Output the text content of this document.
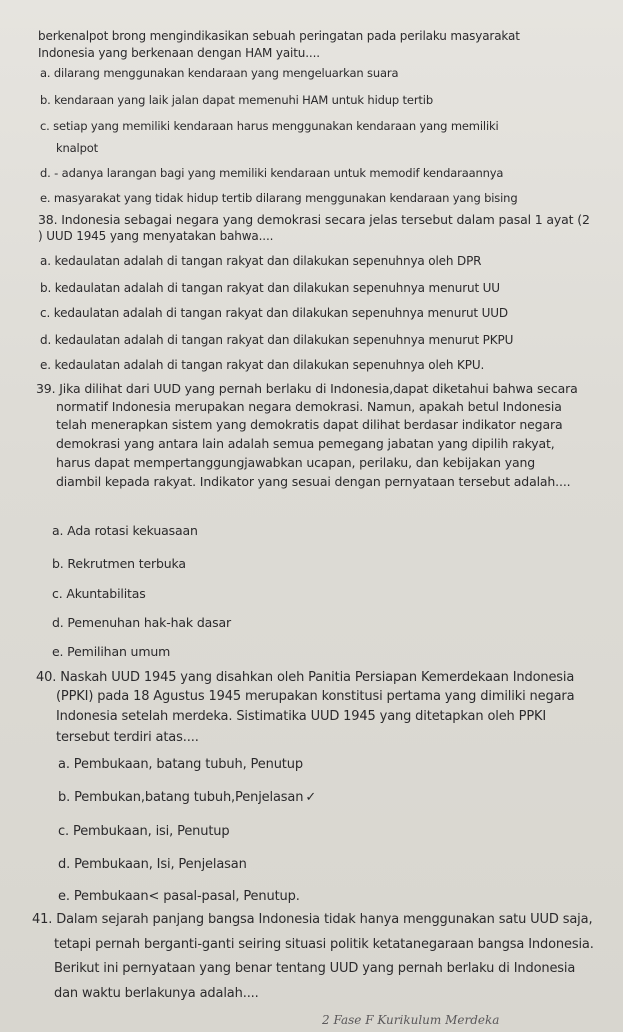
berkenalpot brong mengindikasikan sebuah peringatan pada perilaku masyarakat
Indonesia yang berkenaan dengan HAM yaitu....
a. dilarang menggunakan kendaraan yang mengeluarkan suara
b. kendaraan yang laik jalan dapat memenuhi HAM untuk hidup tertib
c. setiap yang memiliki kendaraan harus menggunakan kendaraan yang memiliki
knalpot
d. - adanya larangan bagi yang memiliki kendaraan untuk memodif kendaraannya
e. masyarakat yang tidak hidup tertib dilarang menggunakan kendaraan yang bising
38. Indonesia sebagai negara yang demokrasi secara jelas tersebut dalam pasal 1 ayat (2
) UUD 1945 yang menyatakan bahwa....
a. kedaulatan adalah di tangan rakyat dan dilakukan sepenuhnya oleh DPR
b. kedaulatan adalah di tangan rakyat dan dilakukan sepenuhnya menurut UU
c. kedaulatan adalah di tangan rakyat dan dilakukan sepenuhnya menurut UUD
d. kedaulatan adalah di tangan rakyat dan dilakukan sepenuhnya menurut PKPU
e. kedaulatan adalah di tangan rakyat dan dilakukan sepenuhnya oleh KPU.
39. Jika dilihat dari UUD yang pernah berlaku di Indonesia,dapat diketahui bahwa secara
normatif Indonesia merupakan negara demokrasi. Namun, apakah betul Indonesia
telah menerapkan sistem yang demokratis dapat dilihat berdasar indikator negara
demokrasi yang antara lain adalah semua pemegang jabatan yang dipilih rakyat,
harus dapat mempertanggungjawabkan ucapan, perilaku, dan kebijakan yang
diambil kepada rakyat. Indikator yang sesuai dengan pernyataan tersebut adalah....
a. Ada rotasi kekuasaan
b. Rekrutmen terbuka
c. Akuntabilitas
d. Pemenuhan hak-hak dasar
e. Pemilihan umum
40. Naskah UUD 1945 yang disahkan oleh Panitia Persiapan Kemerdekaan Indonesia
(PPKI) pada 18 Agustus 1945 merupakan konstitusi pertama yang dimiliki negara
Indonesia setelah merdeka. Sistimatika UUD 1945 yang ditetapkan oleh PPKI
tersebut terdiri atas....
a. Pembukaan, batang tubuh, Penutup
b. Pembukan,batang tubuh,Penjelasan ✓
c. Pembukaan, isi, Penutup
d. Pembukaan, Isi, Penjelasan
e. Pembukaan< pasal-pasal, Penutup.
41. Dalam sejarah panjang bangsa Indonesia tidak hanya menggunakan satu UUD saja,
tetapi pernah berganti-ganti seiring situasi politik ketatanegaraan bangsa Indonesia.
Berikut ini pernyataan yang benar tentang UUD yang pernah berlaku di Indonesia
dan waktu berlakunya adalah....
2 Fase F Kurikulum Merdeka
